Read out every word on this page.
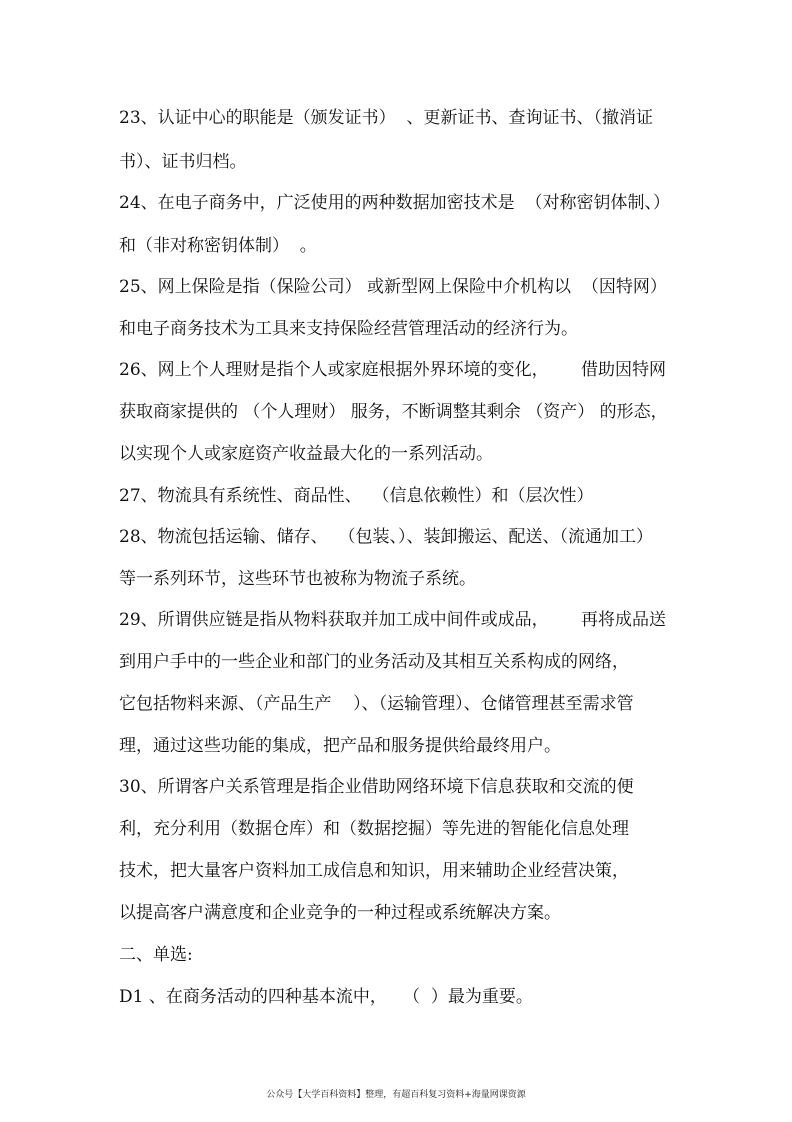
23、认证中心的职能是（颁发证书）  、更新证书、查询证书、（撤消证
书）、证书归档。
24、在电子商务中，广泛使用的两种数据加密技术是  （对称密钥体制、）
和（非对称密钥体制）  。
25、网上保险是指（保险公司） 或新型网上保险中介机构以  （因特网）
和电子商务技术为工具来支持保险经营管理活动的经济行为。
26、网上个人理财是指个人或家庭根据外界环境的变化，      借助因特网
获取商家提供的 （个人理财） 服务，不断调整其剩余 （资产） 的形态，
以实现个人或家庭资产收益最大化的一系列活动。
27、物流具有系统性、商品性、  （信息依赖性）和（层次性）
28、物流包括运输、储存、  （包装、）、装卸搬运、配送、（流通加工）
等一系列环节，这些环节也被称为物流子系统。
29、所谓供应链是指从物料获取并加工成中间件或成品，      再将成品送
到用户手中的一些企业和部门的业务活动及其相互关系构成的网络，
它包括物料来源、（产品生产    ）、（运输管理）、仓储管理甚至需求管
理，通过这些功能的集成，把产品和服务提供给最终用户。
30、所谓客户关系管理是指企业借助网络环境下信息获取和交流的便
利，充分利用（数据仓库）和（数据挖掘）等先进的智能化信息处理
技术，把大量客户资料加工成信息和知识，用来辅助企业经营决策，
以提高客户满意度和企业竞争的一种过程或系统解决方案。
二、单选:
D1 、在商务活动的四种基本流中，   （  ）最为重要。
公众号【大学百科资料】整理，有超百科复习资料+海量网课资源
